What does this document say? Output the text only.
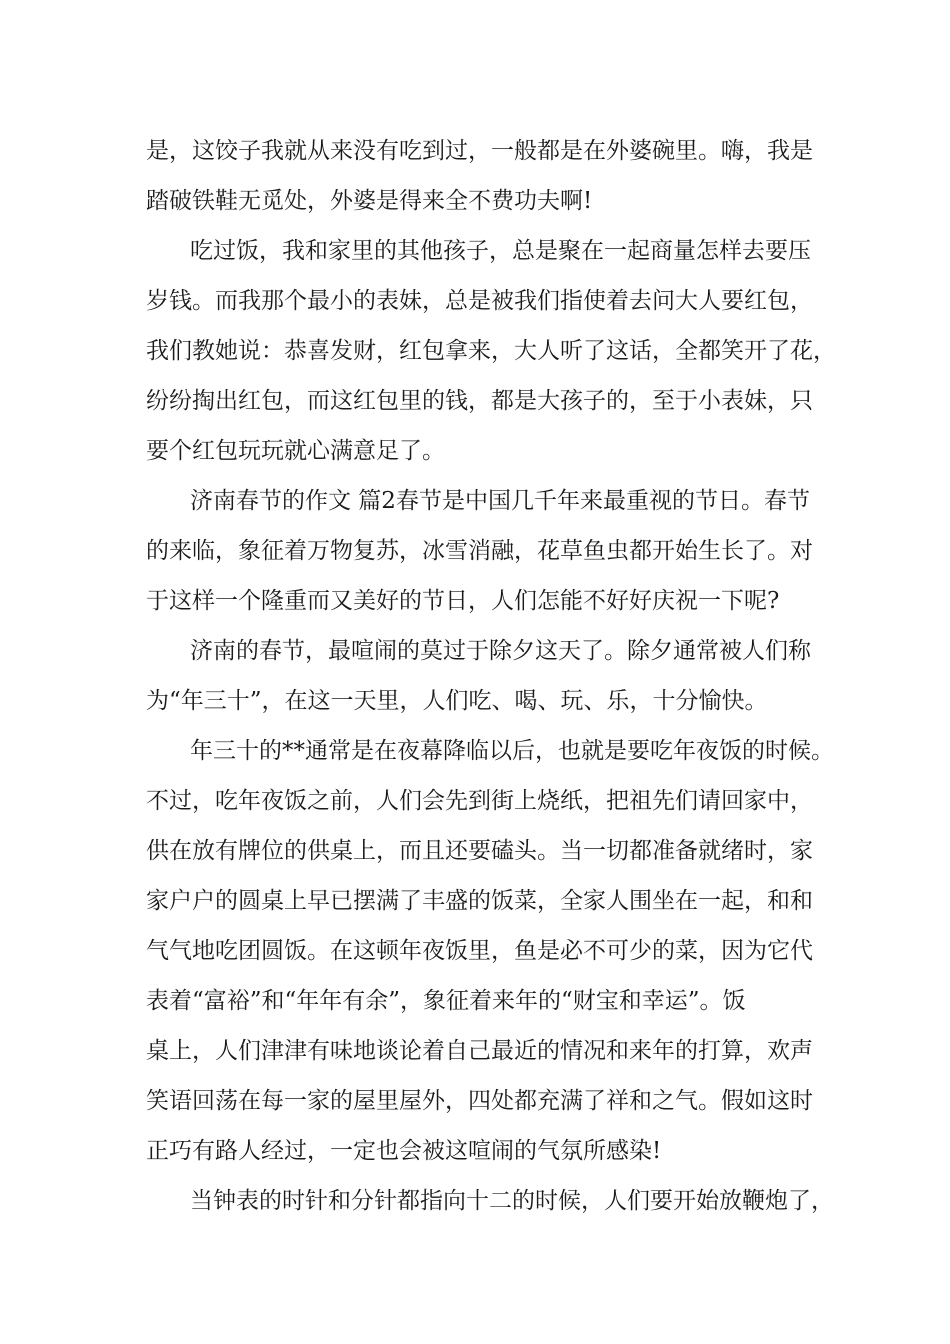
是，这饺子我就从来没有吃到过，一般都是在外婆碗里。嗨，我是
踏破铁鞋无觅处，外婆是得来全不费功夫啊!
吃过饭，我和家里的其他孩子，总是聚在一起商量怎样去要压
岁钱。而我那个最小的表妹，总是被我们指使着去问大人要红包，
我们教她说：恭喜发财，红包拿来，大人听了这话，全都笑开了花，
纷纷掏出红包，而这红包里的钱，都是大孩子的，至于小表妹，只
要个红包玩玩就心满意足了。
济南春节的作文 篇2春节是中国几千年来最重视的节日。春节
的来临，象征着万物复苏，冰雪消融，花草鱼虫都开始生长了。对
于这样一个隆重而又美好的节日，人们怎能不好好庆祝一下呢?
济南的春节，最喧闹的莫过于除夕这天了。除夕通常被人们称
为“年三十”，在这一天里，人们吃、喝、玩、乐，十分愉快。
年三十的**通常是在夜幕降临以后，也就是要吃年夜饭的时候。
不过，吃年夜饭之前，人们会先到街上烧纸，把祖先们请回家中，
供在放有牌位的供桌上，而且还要磕头。当一切都准备就绪时，家
家户户的圆桌上早已摆满了丰盛的饭菜，全家人围坐在一起，和和
气气地吃团圆饭。在这顿年夜饭里，鱼是必不可少的菜，因为它代
表着“富裕”和“年年有余”，象征着来年的“财宝和幸运”。饭
桌上，人们津津有味地谈论着自己最近的情况和来年的打算，欢声
笑语回荡在每一家的屋里屋外，四处都充满了祥和之气。假如这时
正巧有路人经过，一定也会被这喧闹的气氛所感染!
当钟表的时针和分针都指向十二的时候，人们要开始放鞭炮了，
